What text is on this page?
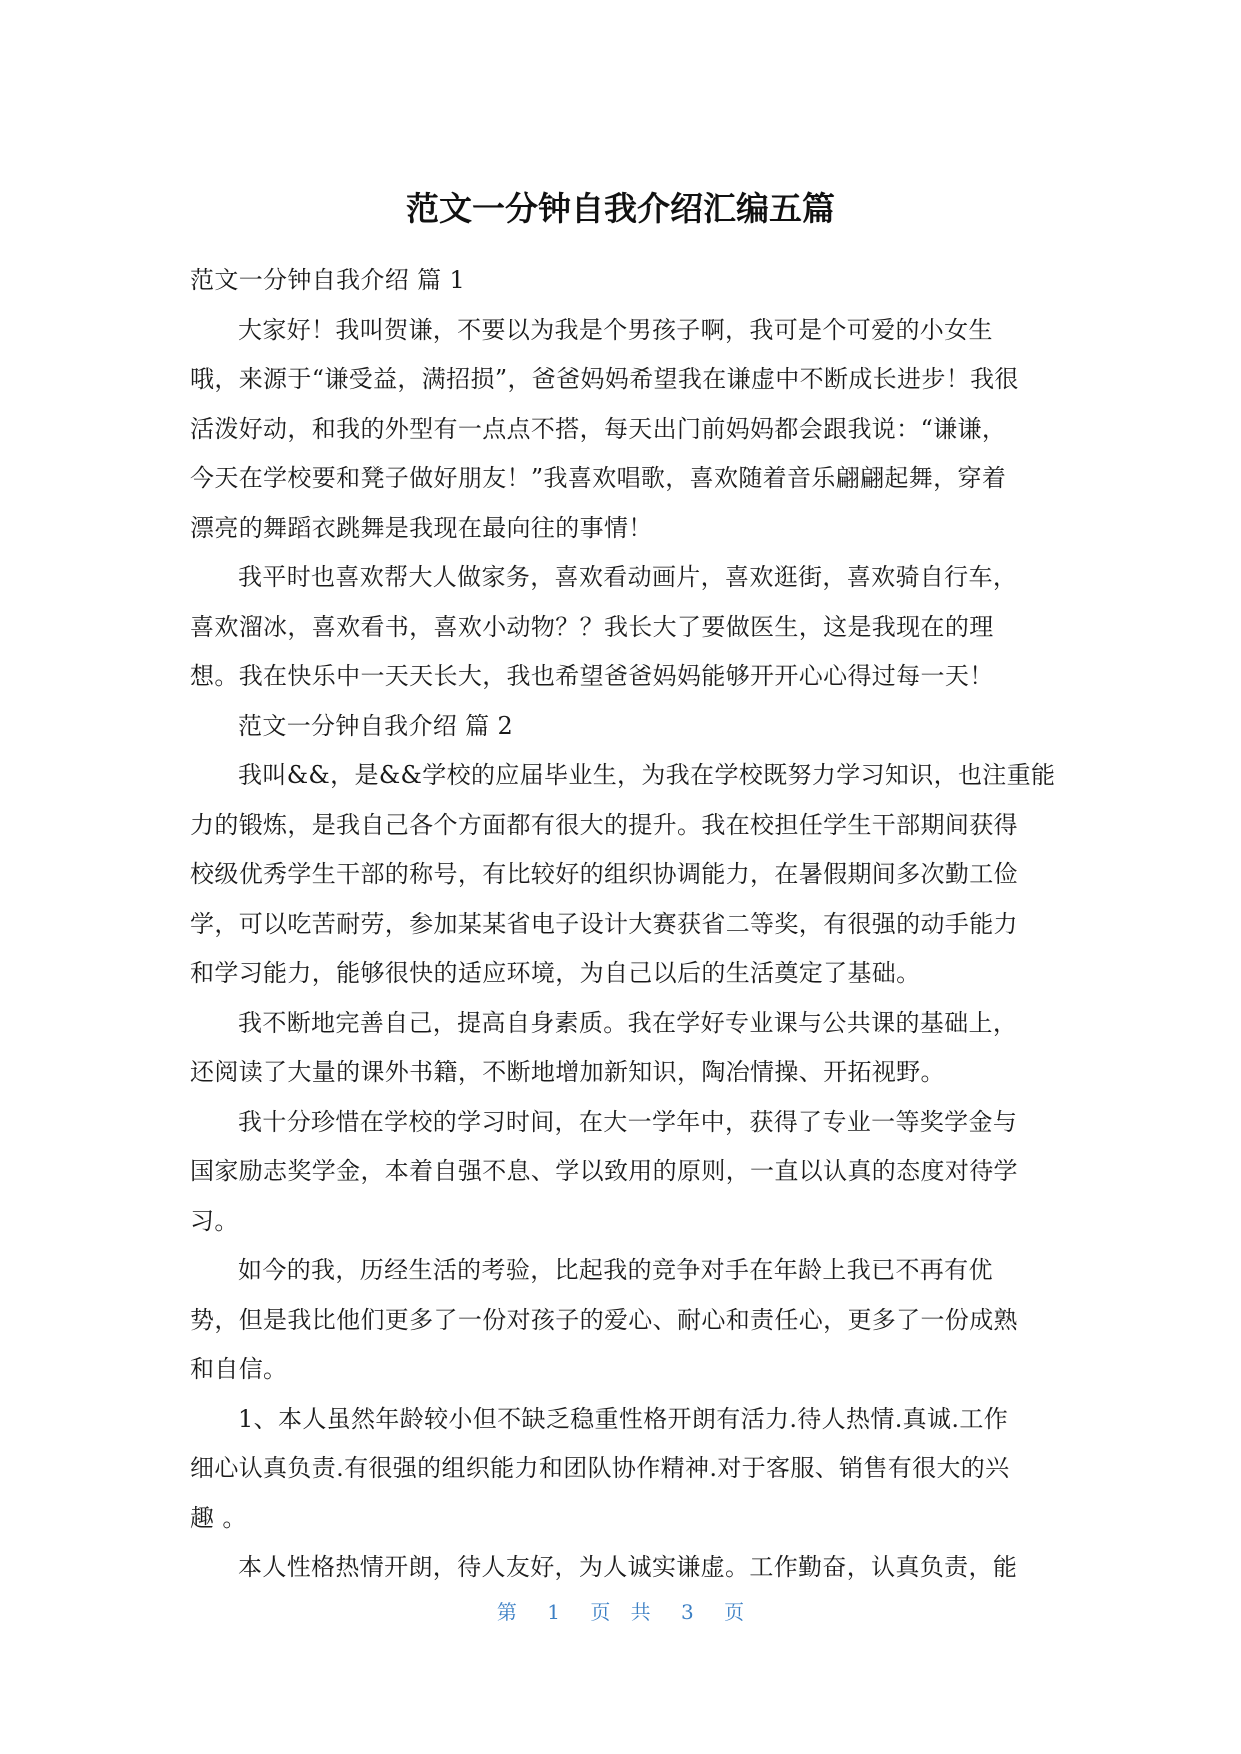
范文一分钟自我介绍汇编五篇
范文一分钟自我介绍 篇 1
大家好！我叫贺谦，不要以为我是个男孩子啊，我可是个可爱的小女生
哦，来源于“谦受益，满招损”，爸爸妈妈希望我在谦虚中不断成长进步！我很
活泼好动，和我的外型有一点点不搭，每天出门前妈妈都会跟我说：“谦谦，
今天在学校要和凳子做好朋友！”我喜欢唱歌，喜欢随着音乐翩翩起舞，穿着
漂亮的舞蹈衣跳舞是我现在最向往的事情！
我平时也喜欢帮大人做家务，喜欢看动画片，喜欢逛街，喜欢骑自行车，
喜欢溜冰，喜欢看书，喜欢小动物？？我长大了要做医生，这是我现在的理
想。我在快乐中一天天长大，我也希望爸爸妈妈能够开开心心得过每一天！
范文一分钟自我介绍 篇 2
我叫&&，是&&学校的应届毕业生，为我在学校既努力学习知识，也注重能
力的锻炼，是我自己各个方面都有很大的提升。我在校担任学生干部期间获得
校级优秀学生干部的称号，有比较好的组织协调能力，在暑假期间多次勤工俭
学，可以吃苦耐劳，参加某某省电子设计大赛获省二等奖，有很强的动手能力
和学习能力，能够很快的适应环境，为自己以后的生活奠定了基础。
我不断地完善自己，提高自身素质。我在学好专业课与公共课的基础上，
还阅读了大量的课外书籍，不断地增加新知识，陶冶情操、开拓视野。
我十分珍惜在学校的学习时间，在大一学年中，获得了专业一等奖学金与
国家励志奖学金，本着自强不息、学以致用的原则，一直以认真的态度对待学
习。
如今的我，历经生活的考验，比起我的竞争对手在年龄上我已不再有优
势，但是我比他们更多了一份对孩子的爱心、耐心和责任心，更多了一份成熟
和自信。
1、本人虽然年龄较小但不缺乏稳重性格开朗有活力.待人热情.真诚.工作
细心认真负责.有很强的组织能力和团队协作精神.对于客服、销售有很大的兴
趣 。
本人性格热情开朗，待人友好，为人诚实谦虚。工作勤奋，认真负责，能
第 1 页 共 3 页
